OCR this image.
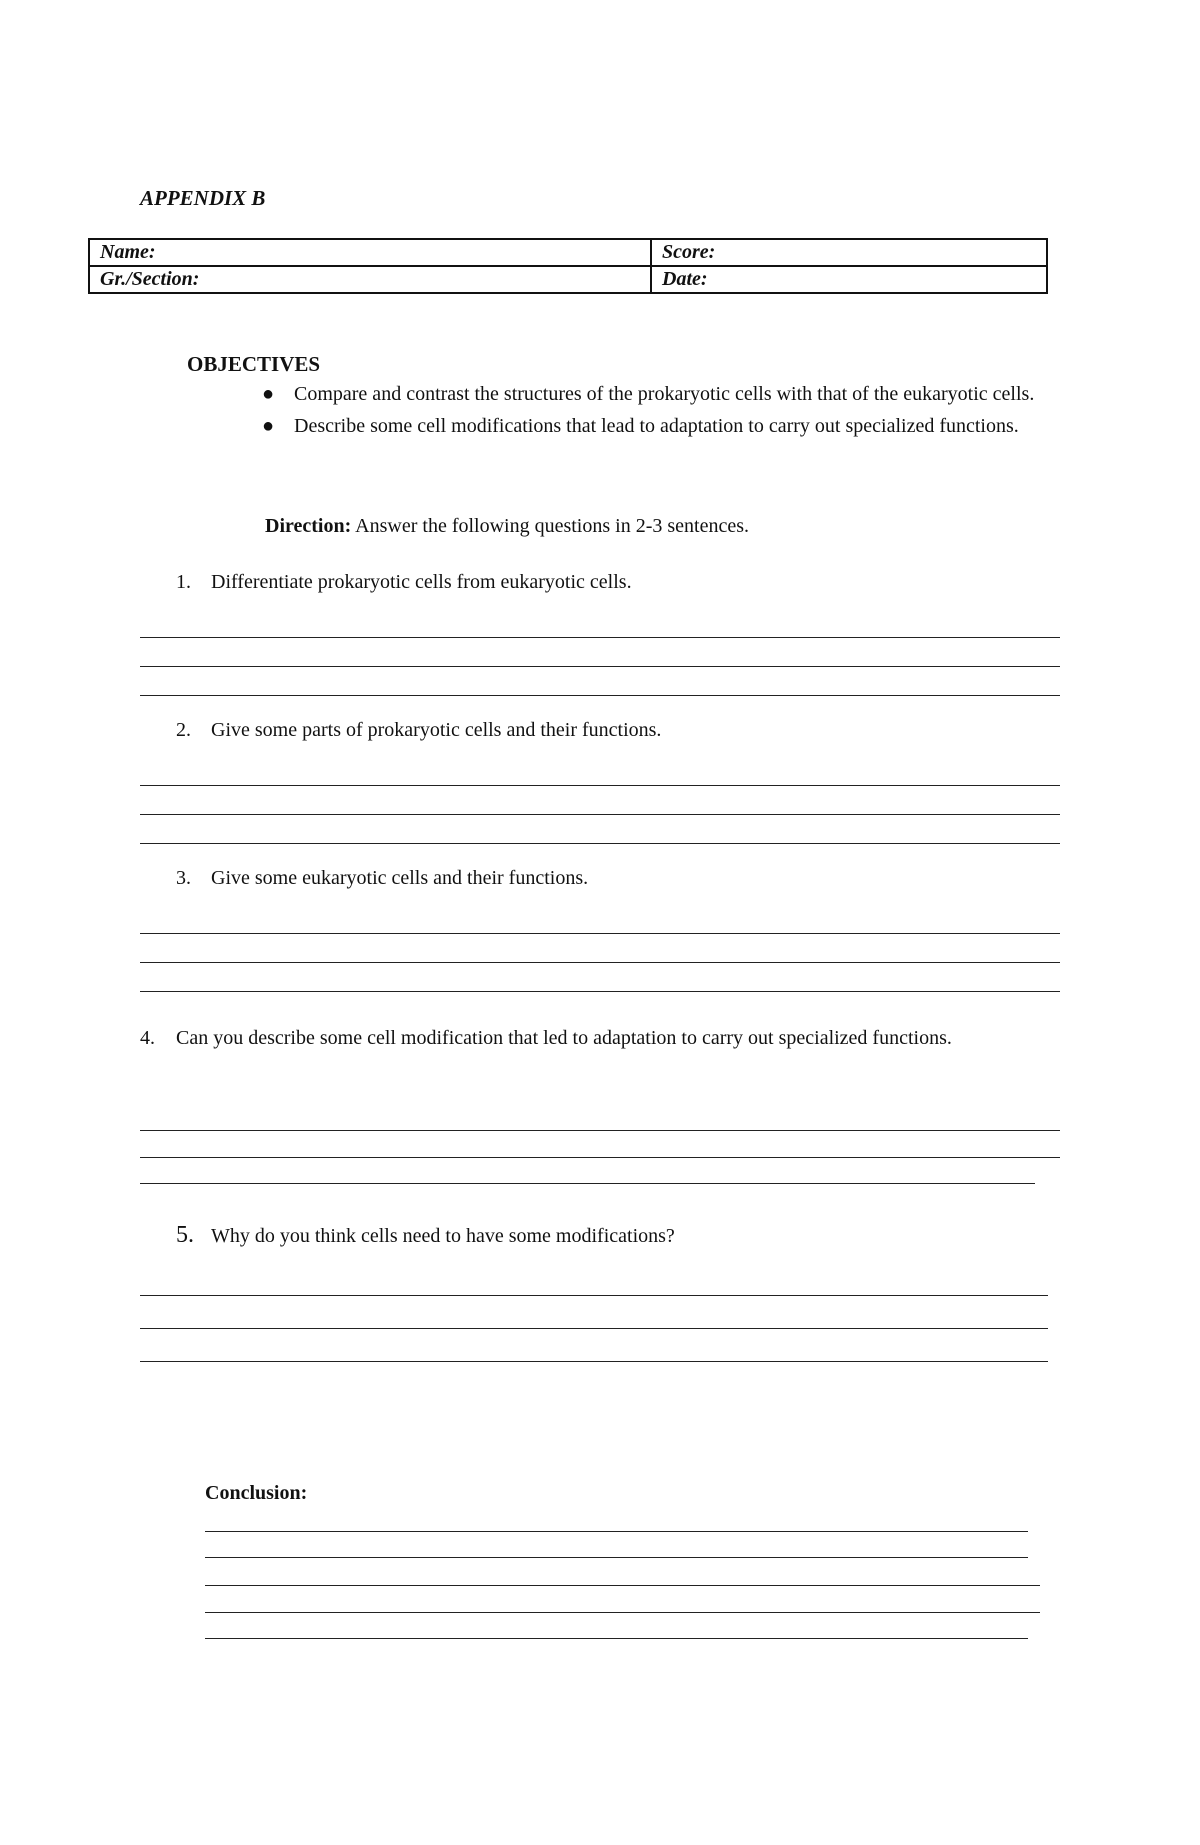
APPENDIX B
Name:	Score:
Gr./Section:	Date:
OBJECTIVES
● Compare and contrast the structures of the prokaryotic cells with that of the eukaryotic cells.
● Describe some cell modifications that lead to adaptation to carry out specialized functions.
Direction: Answer the following questions in 2-3 sentences.
1. Differentiate prokaryotic cells from eukaryotic cells.
2. Give some parts of prokaryotic cells and their functions.
3. Give some eukaryotic cells and their functions.
4. Can you describe some cell modification that led to adaptation to carry out specialized functions.
5. Why do you think cells need to have some modifications?
Conclusion:
